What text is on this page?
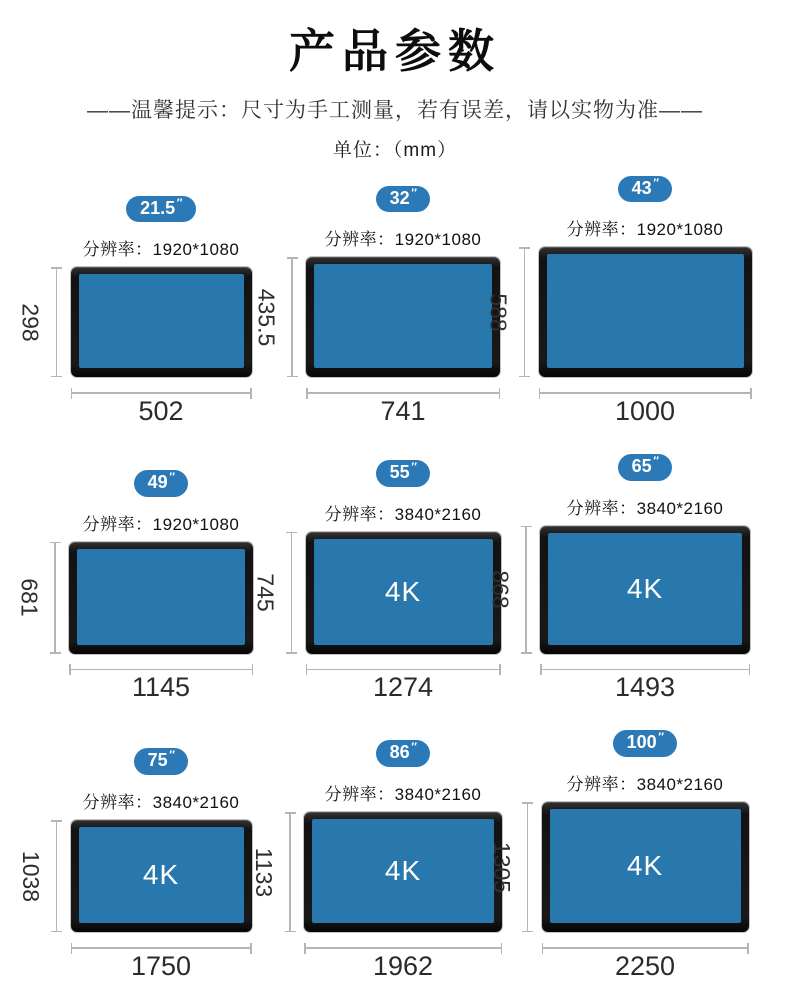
产品参数
——温馨提示：尺寸为手工测量，若有误差，请以实物为准——
单位：（mm）
21.5 ″
分辨率：1920*1080
298
502
32 ″
分辨率：1920*1080
435.5
741
43 ″
分辨率：1920*1080
588
1000
49 ″
分辨率：1920*1080
681
1145
55 ″
分辨率：3840*2160
745	4K
1274
65 ″
分辨率：3840*2160
868	4K
1493
75 ″
分辨率：3840*2160
1038	4K
1750
86 ″
分辨率：3840*2160
1133	4K
1962
100 ″
分辨率：3840*2160
1305	4K
2250
